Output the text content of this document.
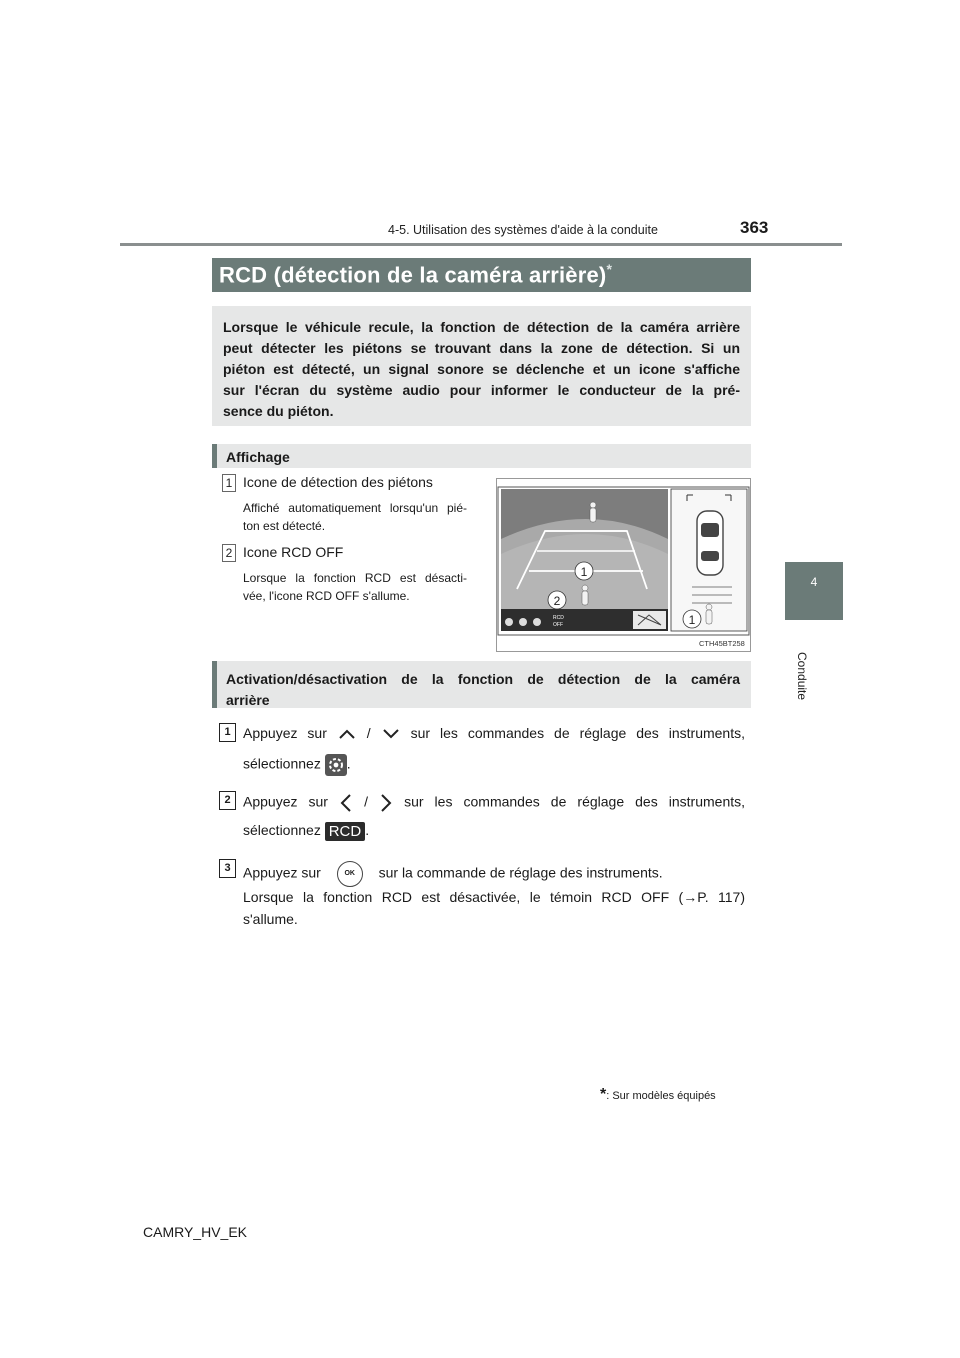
4-5. Utilisation des systèmes d'aide à la conduite	363
4
Conduite
RCD (détection de la caméra arrière)*

Lorsque le véhicule recule, la fonction de détection de la caméra arrière
peut détecter les piétons se trouvant dans la zone de détection. Si un
piéton est détecté, un signal sonore se déclenche et un icone s'affiche
sur l'écran du système audio pour informer le conducteur de la pré-
sence du piéton.

Affichage
1 Icone de détection des piétons
Affiché automatiquement lorsqu'un pié-
ton est détecté.
2 Icone RCD OFF
Lorsque la fonction RCD est désacti-
vée, l'icone RCD OFF s'allume.
1
2
RCD
OFF	1
CTH45BT258
Activation/désactivation de la fonction de détection de la caméra
arrière
1 Appuyez sur	/	sur les commandes de réglage des instruments,
sélectionnez .
2 Appuyez sur	/	sur les commandes de réglage des instruments,
sélectionnez RCD .
3 Appuyez sur	OK sur la commande de réglage des instruments.
Lorsque la fonction RCD est désactivée, le témoin RCD OFF (→P. 117)
s'allume.
*: Sur modèles équipés
CAMRY_HV_EK
